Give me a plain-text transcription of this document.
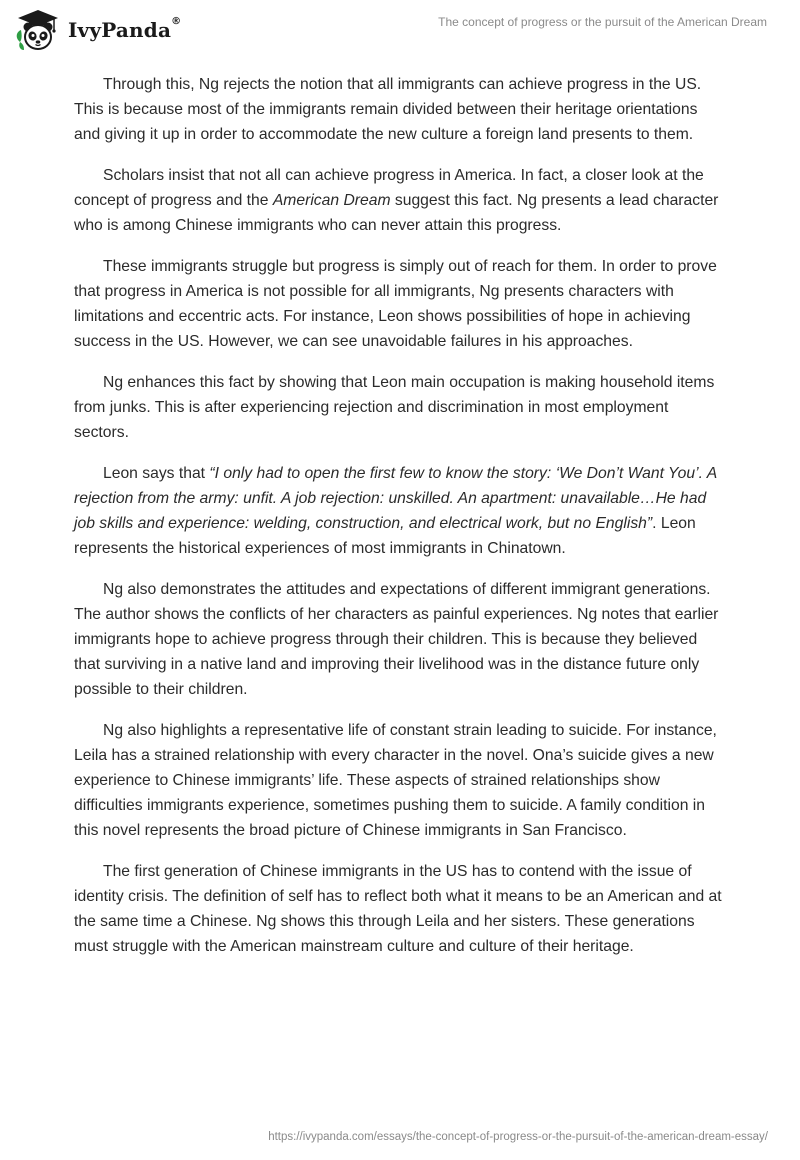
IvyPanda®	The concept of progress or the pursuit of the American Dream

Through this, Ng rejects the notion that all immigrants can achieve progress in the US. This is because most of the immigrants remain divided between their heritage orientations and giving it up in order to accommodate the new culture a foreign land presents to them.

Scholars insist that not all can achieve progress in America. In fact, a closer look at the concept of progress and the American Dream suggest this fact. Ng presents a lead character who is among Chinese immigrants who can never attain this progress.

These immigrants struggle but progress is simply out of reach for them. In order to prove that progress in America is not possible for all immigrants, Ng presents characters with limitations and eccentric acts. For instance, Leon shows possibilities of hope in achieving success in the US. However, we can see unavoidable failures in his approaches.

Ng enhances this fact by showing that Leon main occupation is making household items from junks. This is after experiencing rejection and discrimination in most employment sectors.

Leon says that “I only had to open the first few to know the story: ‘We Don’t Want You’. A rejection from the army: unfit. A job rejection: unskilled. An apartment: unavailable…He had job skills and experience: welding, construction, and electrical work, but no English”. Leon represents the historical experiences of most immigrants in Chinatown.

Ng also demonstrates the attitudes and expectations of different immigrant generations. The author shows the conflicts of her characters as painful experiences. Ng notes that earlier immigrants hope to achieve progress through their children. This is because they believed that surviving in a native land and improving their livelihood was in the distance future only possible to their children.

Ng also highlights a representative life of constant strain leading to suicide. For instance, Leila has a strained relationship with every character in the novel. Ona’s suicide gives a new experience to Chinese immigrants’ life. These aspects of strained relationships show difficulties immigrants experience, sometimes pushing them to suicide. A family condition in this novel represents the broad picture of Chinese immigrants in San Francisco.

The first generation of Chinese immigrants in the US has to contend with the issue of identity crisis. The definition of self has to reflect both what it means to be an American and at the same time a Chinese. Ng shows this through Leila and her sisters. These generations must struggle with the American mainstream culture and culture of their heritage.

https://ivypanda.com/essays/the-concept-of-progress-or-the-pursuit-of-the-american-dream-essay/
